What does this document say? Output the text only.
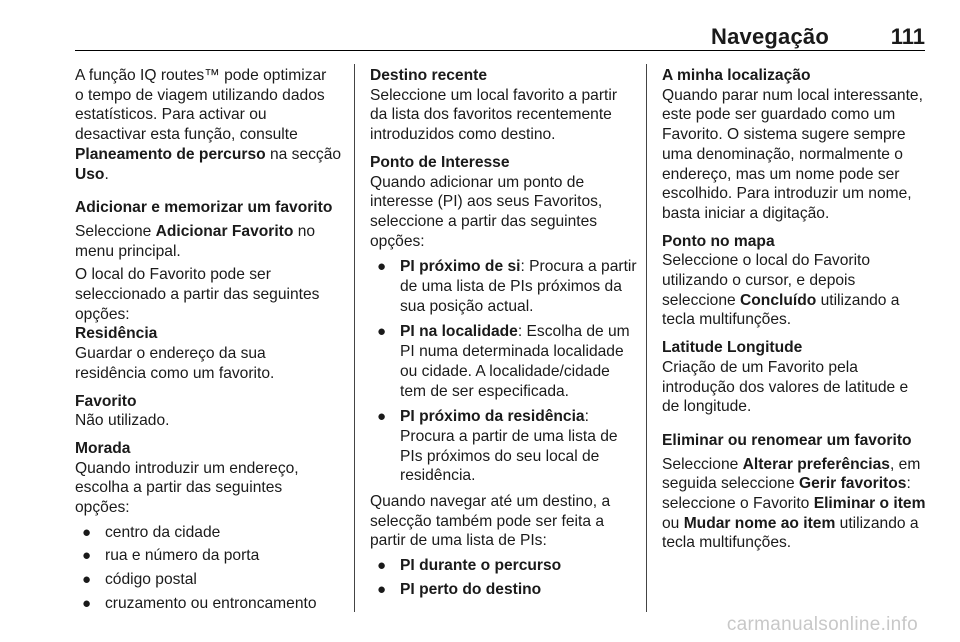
Navegação	111

A função IQ routes™ pode optimizar

o tempo de viagem utilizando dados

estatísticos. Para activar ou

desactivar esta função, consulte

Planeamento de percurso na secção

Uso.

Adicionar e memorizar um favorito

Seleccione Adicionar Favorito no

menu principal.

O local do Favorito pode ser

seleccionado a partir das seguintes

opções:

Residência

Guardar o endereço da sua

residência como um favorito.

Favorito

Não utilizado.

Morada

Quando introduzir um endereço,

escolha a partir das seguintes

opções:

● centro da cidade

● rua e número da porta

● código postal

● cruzamento ou entroncamento

Destino recente

Seleccione um local favorito a partir

da lista dos favoritos recentemente

introduzidos como destino.

Ponto de Interesse

Quando adicionar um ponto de

interesse (PI) aos seus Favoritos,

seleccione a partir das seguintes

opções:

● PI próximo de si: Procura a partir

de uma lista de PIs próximos da

sua posição actual.

● PI na localidade: Escolha de um

PI numa determinada localidade

ou cidade. A localidade/cidade

tem de ser especificada.

● PI próximo da residência:

Procura a partir de uma lista de

PIs próximos do seu local de

residência.

Quando navegar até um destino, a

selecção também pode ser feita a

partir de uma lista de PIs:

● PI durante o percurso

● PI perto do destino

A minha localização

Quando parar num local interessante,

este pode ser guardado como um

Favorito. O sistema sugere sempre

uma denominação, normalmente o

endereço, mas um nome pode ser

escolhido. Para introduzir um nome,

basta iniciar a digitação.

Ponto no mapa

Seleccione o local do Favorito

utilizando o cursor, e depois

seleccione Concluído utilizando a

tecla multifunções.

Latitude Longitude

Criação de um Favorito pela

introdução dos valores de latitude e

de longitude.

Eliminar ou renomear um favorito

Seleccione Alterar preferências, em

seguida seleccione Gerir favoritos:

seleccione o Favorito Eliminar o item

ou Mudar nome ao item utilizando a

tecla multifunções.

carmanualsonline.info
